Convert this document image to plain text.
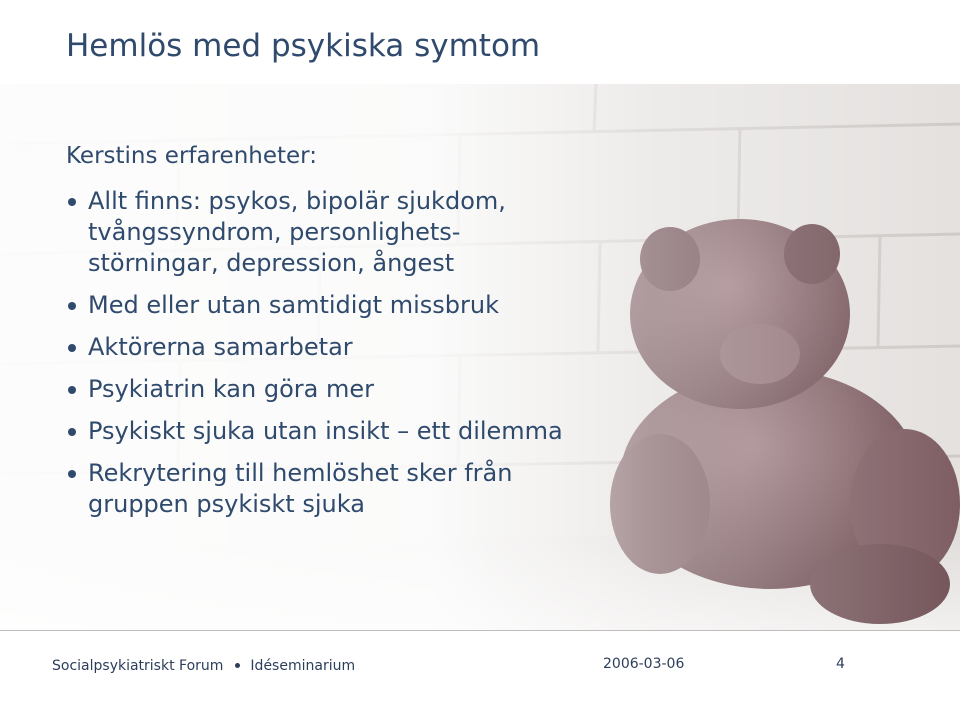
Hemlös med psykiska symtom
Kerstins erfarenheter:
Allt finns: psykos, bipolär sjukdom,
tvångssyndrom, personlighets-
störningar, depression, ångest
Med eller utan samtidigt missbruk
Aktörerna samarbetar
Psykiatrin kan göra mer
Psykiskt sjuka utan insikt – ett dilemma
Rekrytering till hemlöshet sker från
gruppen psykiskt sjuka
Socialpsykiatriskt Forum Idéseminarium	2006-03-06	4
